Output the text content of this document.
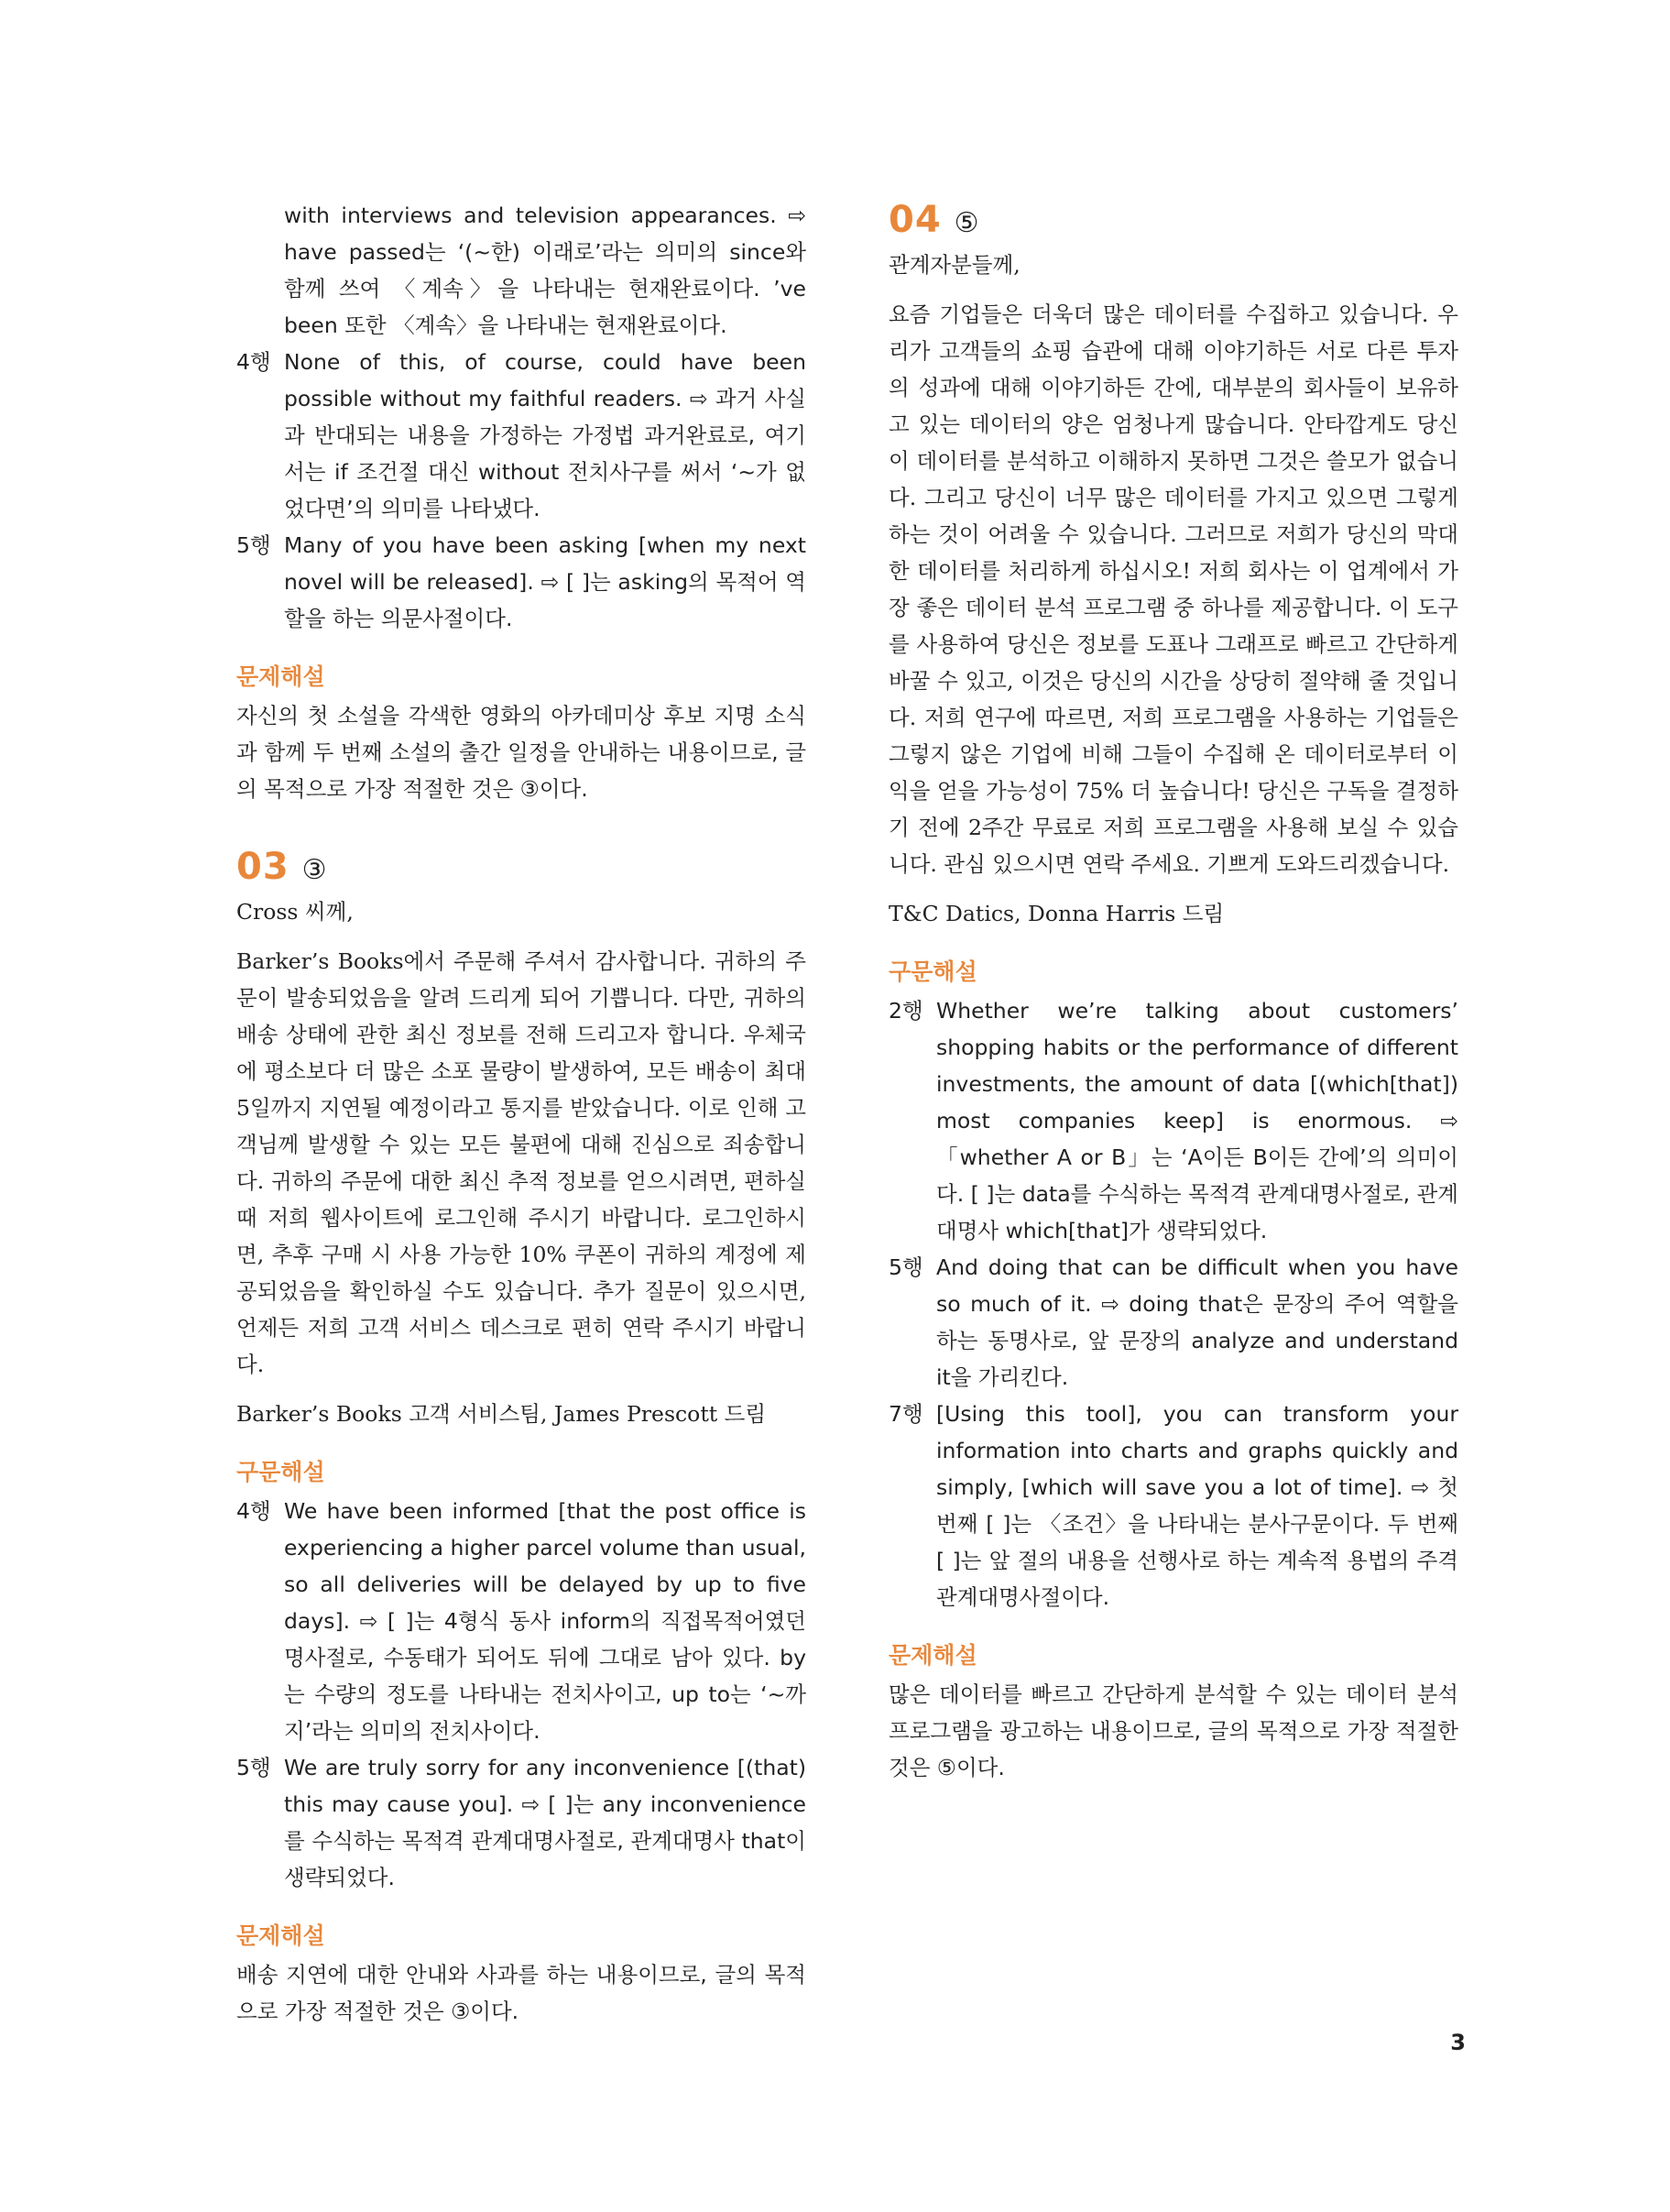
with interviews and television appearances. ⇨ have passed는 ‘(~한) 이래로’라는 의미의 since와 함께 쓰여 〈계속〉을 나타내는 현재완료이다. ’ve been 또한 〈계속〉을 나타내는 현재완료이다.
4행 None of this, of course, could have been possible without my faithful readers. ⇨ 과거 사실과 반대되는 내용을 가정하는 가정법 과거완료로, 여기서는 if 조건절 대신 without 전치사구를 써서 ‘~가 없었다면’의 의미를 나타냈다.
5행 Many of you have been asking [when my next novel will be released]. ⇨ [ ]는 asking의 목적어 역할을 하는 의문사절이다.
문제해설

자신의 첫 소설을 각색한 영화의 아카데미상 후보 지명 소식과 함께 두 번째 소설의 출간 일정을 안내하는 내용이므로, 글의 목적으로 가장 적절한 것은 ③이다.

03 ③
Cross 씨께,

Barker’s Books에서 주문해 주셔서 감사합니다. 귀하의 주문이 발송되었음을 알려 드리게 되어 기쁩니다. 다만, 귀하의 배송 상태에 관한 최신 정보를 전해 드리고자 합니다. 우체국에 평소보다 더 많은 소포 물량이 발생하여, 모든 배송이 최대 5일까지 지연될 예정이라고 통지를 받았습니다. 이로 인해 고객님께 발생할 수 있는 모든 불편에 대해 진심으로 죄송합니다. 귀하의 주문에 대한 최신 추적 정보를 얻으시려면, 편하실 때 저희 웹사이트에 로그인해 주시기 바랍니다. 로그인하시면, 추후 구매 시 사용 가능한 10% 쿠폰이 귀하의 계정에 제공되었음을 확인하실 수도 있습니다. 추가 질문이 있으시면, 언제든 저희 고객 서비스 데스크로 편히 연락 주시기 바랍니다.

Barker’s Books 고객 서비스팀, James Prescott 드림
구문해설
4행 We have been informed [that the post office is experiencing a higher parcel volume than usual, so all deliveries will be delayed by up to five days]. ⇨ [ ]는 4형식 동사 inform의 직접목적어였던 명사절로, 수동태가 되어도 뒤에 그대로 남아 있다. by는 수량의 정도를 나타내는 전치사이고, up to는 ‘~까지’라는 의미의 전치사이다.
5행 We are truly sorry for any inconvenience [(that) this may cause you]. ⇨ [ ]는 any inconvenience를 수식하는 목적격 관계대명사절로, 관계대명사 that이 생략되었다.
문제해설

배송 지연에 대한 안내와 사과를 하는 내용이므로, 글의 목적으로 가장 적절한 것은 ③이다.

04 ⑤
관계자분들께,

요즘 기업들은 더욱더 많은 데이터를 수집하고 있습니다. 우리가 고객들의 쇼핑 습관에 대해 이야기하든 서로 다른 투자의 성과에 대해 이야기하든 간에, 대부분의 회사들이 보유하고 있는 데이터의 양은 엄청나게 많습니다. 안타깝게도 당신이 데이터를 분석하고 이해하지 못하면 그것은 쓸모가 없습니다. 그리고 당신이 너무 많은 데이터를 가지고 있으면 그렇게 하는 것이 어려울 수 있습니다. 그러므로 저희가 당신의 막대한 데이터를 처리하게 하십시오! 저희 회사는 이 업계에서 가장 좋은 데이터 분석 프로그램 중 하나를 제공합니다. 이 도구를 사용하여 당신은 정보를 도표나 그래프로 빠르고 간단하게 바꿀 수 있고, 이것은 당신의 시간을 상당히 절약해 줄 것입니다. 저희 연구에 따르면, 저희 프로그램을 사용하는 기업들은 그렇지 않은 기업에 비해 그들이 수집해 온 데이터로부터 이익을 얻을 가능성이 75% 더 높습니다! 당신은 구독을 결정하기 전에 2주간 무료로 저희 프로그램을 사용해 보실 수 있습니다. 관심 있으시면 연락 주세요. 기쁘게 도와드리겠습니다.

T&C Datics, Donna Harris 드림
구문해설
2행 Whether we’re talking about customers’ shopping habits or the performance of different investments, the amount of data [(which[that]) most companies keep] is enormous. ⇨「whether A or B」는 ‘A이든 B이든 간에’의 의미이다. [ ]는 data를 수식하는 목적격 관계대명사절로, 관계대명사 which[that]가 생략되었다.
5행 And doing that can be difficult when you have so much of it. ⇨ doing that은 문장의 주어 역할을 하는 동명사로, 앞 문장의 analyze and understand it을 가리킨다.
7행 [Using this tool], you can transform your information into charts and graphs quickly and simply, [which will save you a lot of time]. ⇨ 첫 번째 [ ]는 〈조건〉을 나타내는 분사구문이다. 두 번째 [ ]는 앞 절의 내용을 선행사로 하는 계속적 용법의 주격 관계대명사절이다.
문제해설

많은 데이터를 빠르고 간단하게 분석할 수 있는 데이터 분석 프로그램을 광고하는 내용이므로, 글의 목적으로 가장 적절한 것은 ⑤이다.

3
